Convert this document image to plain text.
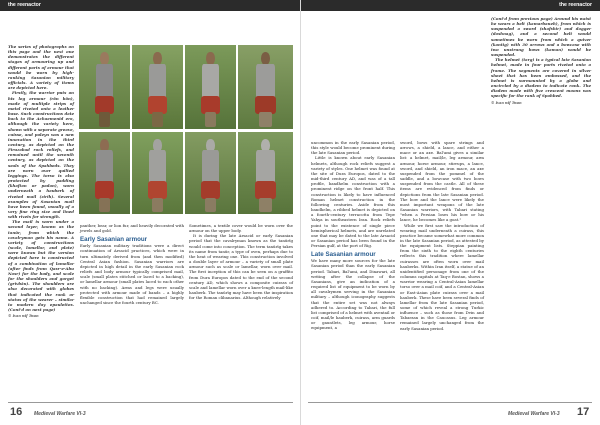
the reenactor	the reenactor

The series of photographs on this page and the next one demonstrates the different stages of armouring up and different parts of armour that would be worn by high-ranking Sasanian military officials. A variety of items are depicted here.

Firstly, the warrior puts on his leg armour (rân bân), made of multiple strips of metal riveted onto a leather base. Such constructions date back to the Achaemenid era, although the variety here, shown with a separate greave, cuisse, and poleyn was a new innovation in the third century, as depicted on the Firuzabad rock reliefs, and remained until the seventh century, as depicted on the seals of the Spahbeds. They are worn over quilted leggings. The torso is also protected by padding (khaftan or padan), worn underneath a hauberk of riveted mail (zirih). Several examples of Sasanian mail have been found, usually of a very fine ring size and lined with rivets for strength.

The mail is worn under a second layer, known as the tanūr, from which the cavalryman gets his name. A variety of constructions (scale, lamellar, and plate) were known but the version depicted here is constructed of a combination of lamellar (after finds from Qasr-e-Abu Nasr) for the body, and scale for the shoulders and gorget (grīvbān). The shoulders are also decorated with globes that indicated the rank or status of the wearer – similar to modern day epaulettes. (Cont'd on next page)

© Ivan wif Twon

panther, bear, or lion fur, and heavily decorated with jewels and gold.

Early Sasanian armour

Early Sasanian military traditions were a direct continuation of Arsacid practices, which were in turn ultimately derived from (and then modified) Central Asian fashion. Sasanian warriors are depicted in high detail in the early Sasanian rock reliefs and body armour typically comprised mail, scale (small plates stitched or laced to a backing), or lamellar armour (small plates laced to each other with no backing). Arms and legs were usually protected with armour made of bands – a highly flexible construction that had remained largely unchanged since the fourth century BC.

Sometimes, a textile cover would be worn over the armour on the upper body.

It is during the late Arsacid or early Sasanian period that the cavalryman known as the tanūrīg would come into conception. The term tanūrīg takes its name from tanūr, a type of oven, perhaps due to the heat of wearing one. This construction involved a double layer of armour – a variety of small plate armour such as scale or lamellar, worn over mail. The first inception of this can be seen on a graffito from Dura Europos dated to the end of the second century AD, which shows a composite cuirass of scale and lamellar worn over a knee-length mail-like hauberk. The tanūrīg may have been the inspiration for the Roman clibanarius. Although relatively

uncommon in the early Sasanian period, this style would become prominent during the late Sasanian period.

Little is known about early Sasanian helmets, although rock reliefs suggest a variety of styles. One helmet was found at the site of Dura Europos, dated to the mid-third century AD, and was of a tall profile, bandhelm construction with a prominent ridge on the front half. This construction is likely to have influenced Roman helmet construction in the following centuries. Aside from this bandhelm, a ribbed helmet is depicted on a fourth-century terracotta from Tepe Yahya in southeastern Iran. Rock reliefs point to the existence of single piece hemispherical helmets, and are unrelated one that may be dated to the late Arsacid or Sasanian period has been found in the Persian gulf, at the port of Rig.

Late Sasanian armour

We have many more sources for the late Sasanian period than the early Sasanian period. Tabari, Bal'ami, and Dinawari, all writing after the collapse of the Sasanians, give an indication of a required list of equipment to be worn by all cavalrymen serving in the Sasanian military – although iconography suggests that the entire set was not always adhered to. According to Tabari, the full list comprised of a helmet with aventail or coif, mail/le hauberk, cuirass, arm guards or gauntlets, leg armour, horse equipment, a

sword, bows with spare strings and arrows, a shield, a lance, and either a mace or an axe. Bal'ami gives a similar list: a helmet, mail/le, leg armour, arm armour, horse armour, stirrups, a lance, sword, and shield, an iron mace, an axe suspended from the pommel of the saddle, and a bowcase with two bows suspended from the castle. All of these items are evidenced from finds or depictions from the late Sasanian period. The bow and the lance were likely the most important weapons of the late Sasanian warriors, with Tabari stating "when a Persian loses his bow or his lance, he becomes like a goat."

While we first saw the introduction of wearing mail underneath a cuirass, this practice became somewhat more common in the late Sasanian period, as attested by the equipment lists. Steppian painting from the sixth to the eighth centuries reflects this tradition where lamellar cuirasses are often worn over mail hauberks. Within Iran itself, a statue of an unidentified personage from one of the columns capitals at Taq-e Bostan, shows a warrior wearing a Central-Asian lamellar torso over a mail coif, and a Central-Asian or East-Asian plate cuirass over a mail hauberk. These have been several finds of lamellar from the late Sasanian period, some of which reveal a strong Turkic influence – such as those from Dvin and Tabarzan in the Caucasus. Leg armour remained largely unchanged from the early Sasanian period.

(Cont'd from previous page) Around his waist he wears a belt (kamarbaneh), from which is suspended a sword (shafshir) and dagger (dashnag), and a second belt would sometimes be worn from which a quiver (kantig) with 30 arrows and a bowcase with two unstrung bows (kaman) would be suspended.

The helmet (targ) is a typical late Sasanian helmet, made in four parts riveted onto a frame. The segments are covered in silver sheet that has been embossed, and the helmet is surmounted by a globe and encircled by a diadem to indicate rank. The diadem made with five crescent moons was specific for the rank of Spahbed.

© Ivan wif Twon

16 Medieval Warfare VI-3	Medieval Warfare VI-3 17
